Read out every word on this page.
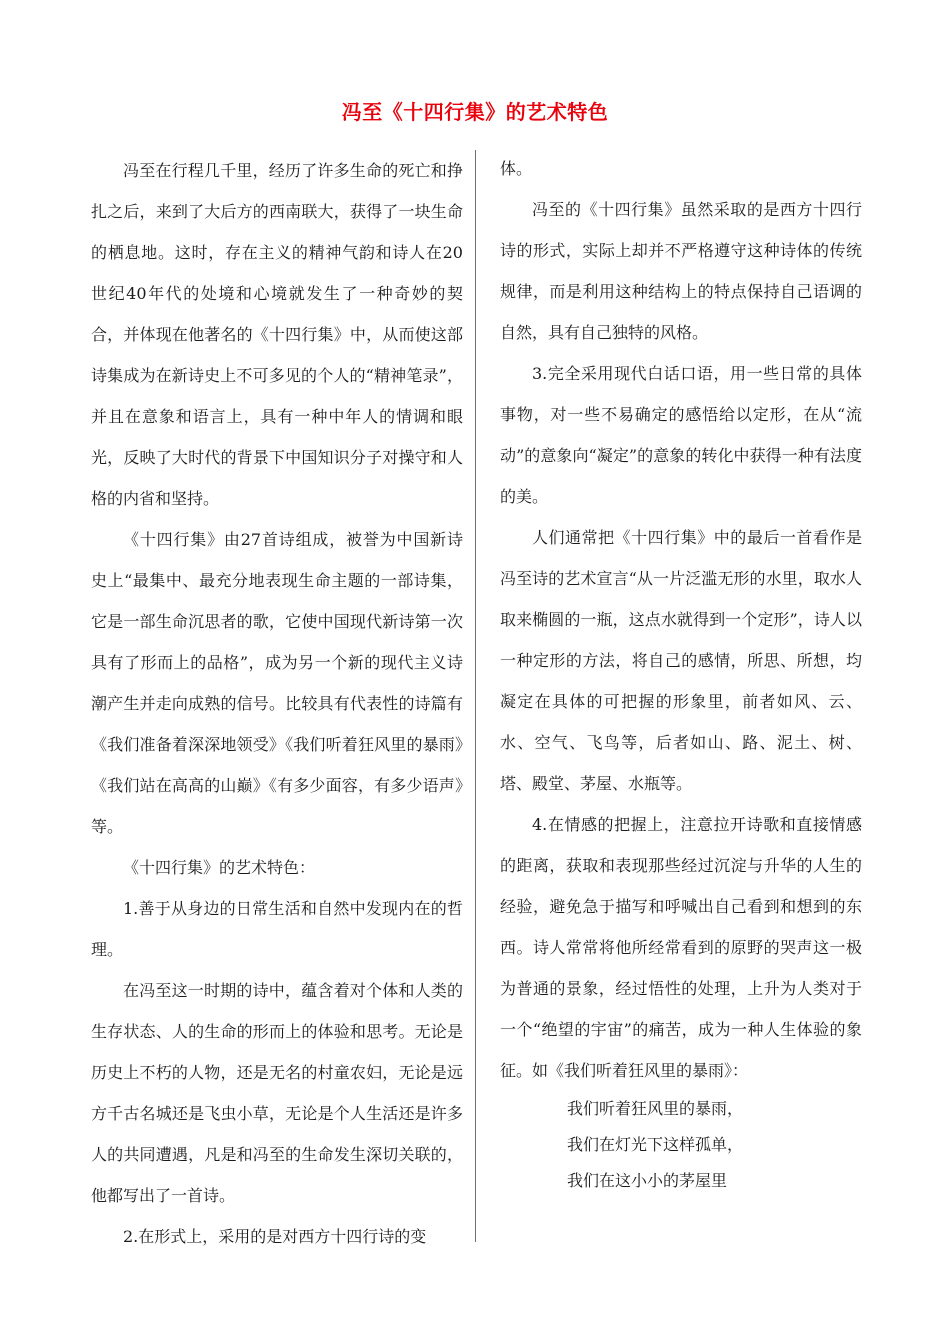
冯至《十四行集》的艺术特色

冯至在行程几千里，经历了许多生命的死亡和挣扎之后，来到了大后方的西南联大，获得了一块生命的栖息地。这时，存在主义的精神气韵和诗人在20世纪40年代的处境和心境就发生了一种奇妙的契合，并体现在他著名的《十四行集》中，从而使这部诗集成为在新诗史上不可多见的个人的“精神笔录”，并且在意象和语言上，具有一种中年人的情调和眼光，反映了大时代的背景下中国知识分子对操守和人格的内省和坚持。

《十四行集》由27首诗组成，被誉为中国新诗史上“最集中、最充分地表现生命主题的一部诗集，它是一部生命沉思者的歌，它使中国现代新诗第一次具有了形而上的品格”，成为另一个新的现代主义诗潮产生并走向成熟的信号。比较具有代表性的诗篇有《我们准备着深深地领受》《我们听着狂风里的暴雨》《我们站在高高的山巅》《有多少面容，有多少语声》等。

《十四行集》的艺术特色：

1.善于从身边的日常生活和自然中发现内在的哲理。

在冯至这一时期的诗中，蕴含着对个体和人类的生存状态、人的生命的形而上的体验和思考。无论是历史上不朽的人物，还是无名的村童农妇，无论是远方千古名城还是飞虫小草，无论是个人生活还是许多人的共同遭遇，凡是和冯至的生命发生深切关联的，他都写出了一首诗。

2.在形式上，采用的是对西方十四行诗的变

体。

冯至的《十四行集》虽然采取的是西方十四行诗的形式，实际上却并不严格遵守这种诗体的传统规律，而是利用这种结构上的特点保持自己语调的自然，具有自己独特的风格。

3.完全采用现代白话口语，用一些日常的具体事物，对一些不易确定的感悟给以定形，在从“流动”的意象向“凝定”的意象的转化中获得一种有法度的美。

人们通常把《十四行集》中的最后一首看作是冯至诗的艺术宣言“从一片泛滥无形的水里，取水人取来椭圆的一瓶，这点水就得到一个定形”，诗人以一种定形的方法，将自己的感情，所思、所想，均凝定在具体的可把握的形象里，前者如风、云、水、空气、飞鸟等，后者如山、路、泥土、树、塔、殿堂、茅屋、水瓶等。

4.在情感的把握上，注意拉开诗歌和直接情感的距离，获取和表现那些经过沉淀与升华的人生的经验，避免急于描写和呼喊出自己看到和想到的东西。诗人常常将他所经常看到的原野的哭声这一极为普通的景象，经过悟性的处理，上升为人类对于一个“绝望的宇宙”的痛苦，成为一种人生体验的象征。如《我们听着狂风里的暴雨》：

我们听着狂风里的暴雨，

我们在灯光下这样孤单，

我们在这小小的茅屋里
